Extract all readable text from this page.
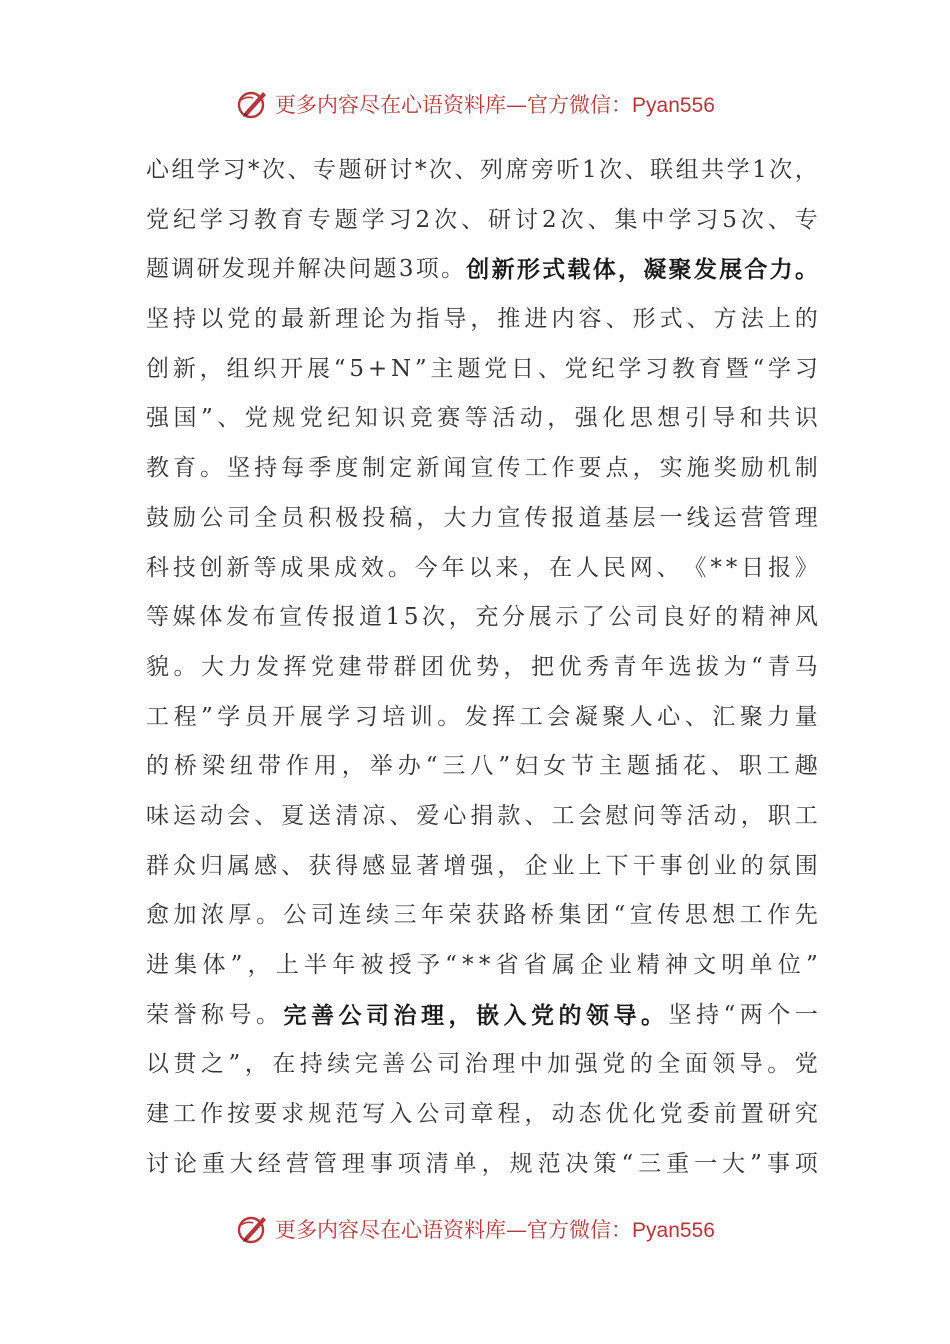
更多内容尽在心语资料库—官方微信：Pyan556
心 组 学 习 * 次 、 专 题 研 讨 * 次 、 列 席 旁 听 1 次 、 联 组 共 学 1 次 ，
党 纪 学 习 教 育 专 题 学 习 2 次 、 研 讨 2 次 、 集 中 学 习 5 次 、 专
题 调 研 发 现 并 解 决 问 题 3 项 。 创 新 形 式 载 体 ， 凝 聚 发 展 合 力 。
坚 持 以 党 的 最 新 理 论 为 指 导 ， 推 进 内 容 、 形 式 、 方 法 上 的
创 新 ， 组 织 开 展 “ 5 + N ” 主 题 党 日 、 党 纪 学 习 教 育 暨 “ 学 习
强 国 ” 、 党 规 党 纪 知 识 竞 赛 等 活 动 ， 强 化 思 想 引 导 和 共 识
教 育 。 坚 持 每 季 度 制 定 新 闻 宣 传 工 作 要 点 ， 实 施 奖 励 机 制
鼓 励 公 司 全 员 积 极 投 稿 ， 大 力 宣 传 报 道 基 层 一 线 运 营 管 理
科 技 创 新 等 成 果 成 效 。 今 年 以 来 ， 在 人 民 网 、 《 * * 日 报 》
等 媒 体 发 布 宣 传 报 道 1 5 次 ， 充 分 展 示 了 公 司 良 好 的 精 神 风
貌 。 大 力 发 挥 党 建 带 群 团 优 势 ， 把 优 秀 青 年 选 拔 为 “ 青 马
工 程 ” 学 员 开 展 学 习 培 训 。 发 挥 工 会 凝 聚 人 心 、 汇 聚 力 量
的 桥 梁 纽 带 作 用 ， 举 办 “ 三 八 ” 妇 女 节 主 题 插 花 、 职 工 趣
味 运 动 会 、 夏 送 清 凉 、 爱 心 捐 款 、 工 会 慰 问 等 活 动 ， 职 工
群 众 归 属 感 、 获 得 感 显 著 增 强 ， 企 业 上 下 干 事 创 业 的 氛 围
愈 加 浓 厚 。 公 司 连 续 三 年 荣 获 路 桥 集 团 “ 宣 传 思 想 工 作 先
进 集 体 ” ， 上 半 年 被 授 予 “ * * 省 省 属 企 业 精 神 文 明 单 位 ”
荣 誉 称 号 。 完 善 公 司 治 理 ， 嵌 入 党 的 领 导 。 坚 持 “ 两 个 一
以 贯 之 ” ， 在 持 续 完 善 公 司 治 理 中 加 强 党 的 全 面 领 导 。 党
建 工 作 按 要 求 规 范 写 入 公 司 章 程 ， 动 态 优 化 党 委 前 置 研 究
讨 论 重 大 经 营 管 理 事 项 清 单 ， 规 范 决 策 “ 三 重 一 大 ” 事 项
更多内容尽在心语资料库—官方微信：Pyan556
